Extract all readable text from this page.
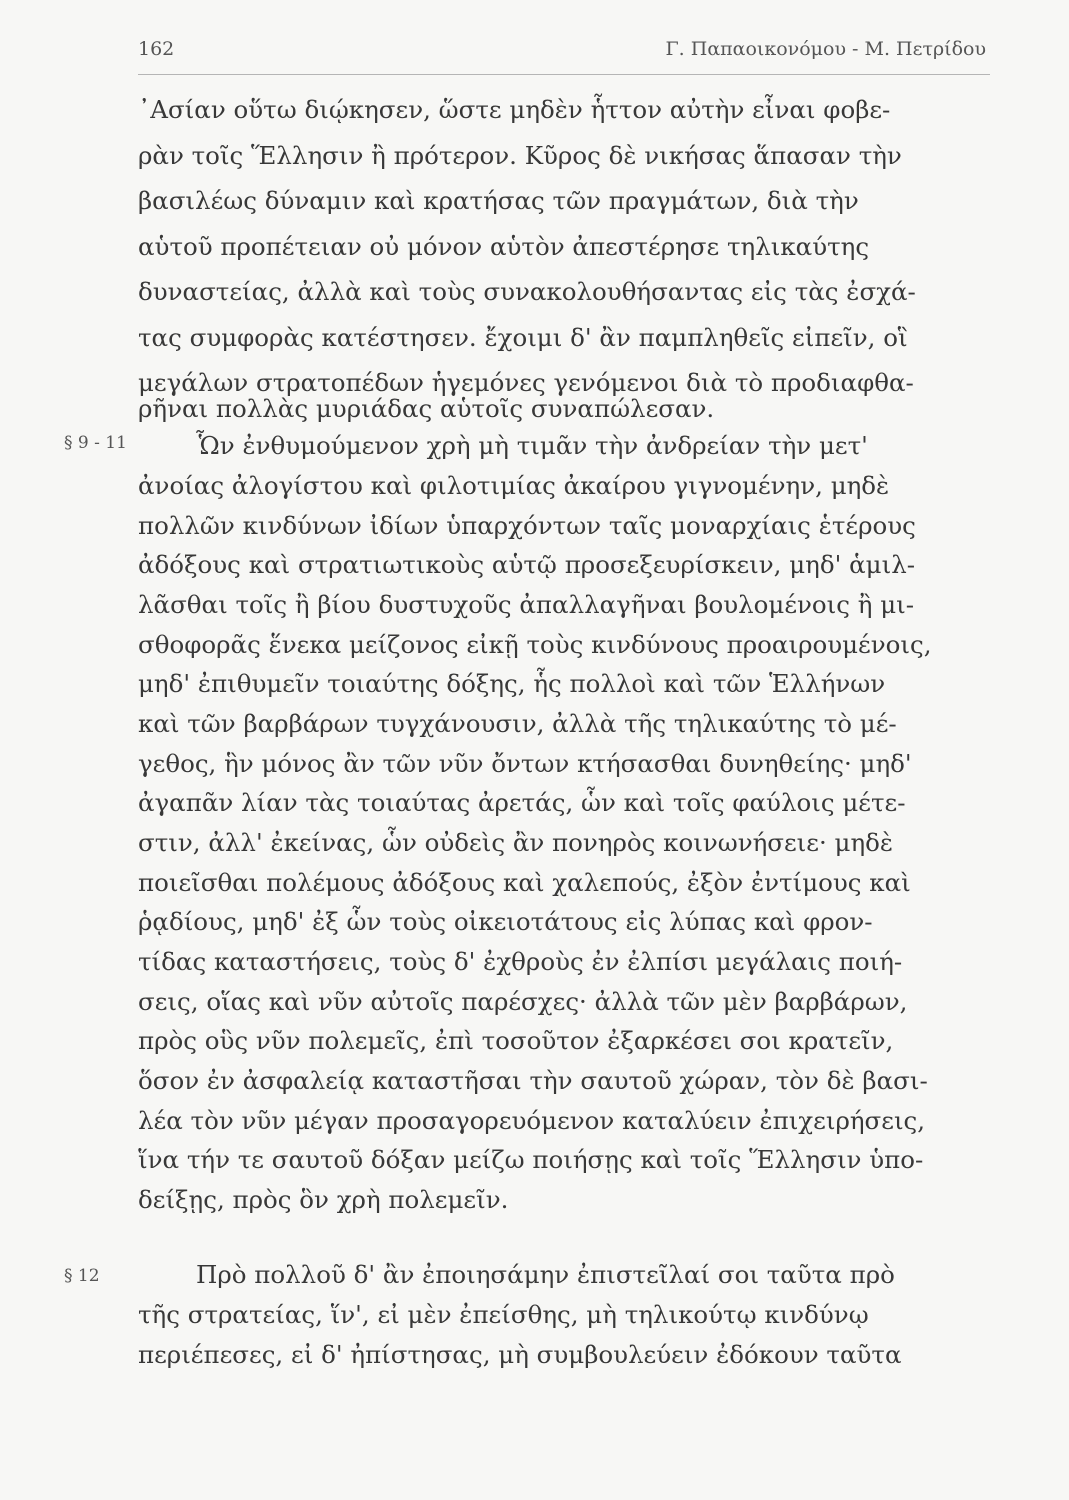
162	Γ. Παπαοικονόμου - Μ. Πετρίδου
§ 9 - 11
§ 12
᾿Ασίαν οὕτω διῴκησεν, ὥστε μηδὲν ἧττον αὐτὴν εἶναι φοβε-
ρὰν τοῖς Ἕλλησιν ἢ πρότερον. Κῦρος δὲ νικήσας ἅπασαν τὴν
βασιλέως δύναμιν καὶ κρατήσας τῶν πραγμάτων, διὰ τὴν
αὑτοῦ προπέτειαν οὐ μόνον αὑτὸν ἀπεστέρησε τηλικαύτης
δυναστείας, ἀλλὰ καὶ τοὺς συνακολουθήσαντας εἰς τὰς ἐσχά-
τας συμφορὰς κατέστησεν. ἔχοιμι δ' ἂν παμπληθεῖς εἰπεῖν, οἳ
μεγάλων στρατοπέδων ἡγεμόνες γενόμενοι διὰ τὸ προδιαφθα-
ρῆναι πολλὰς μυριάδας αὑτοῖς συναπώλεσαν.
Ὧν ἐνθυμούμενον χρὴ μὴ τιμᾶν τὴν ἀνδρείαν τὴν μετ'
ἀνοίας ἀλογίστου καὶ φιλοτιμίας ἀκαίρου γιγνομένην, μηδὲ
πολλῶν κινδύνων ἰδίων ὑπαρχόντων ταῖς μοναρχίαις ἑτέρους
ἀδόξους καὶ στρατιωτικοὺς αὑτῷ προσεξευρίσκειν, μηδ' ἁμιλ-
λᾶσθαι τοῖς ἢ βίου δυστυχοῦς ἀπαλλαγῆναι βουλομένοις ἢ μι-
σθοφορᾶς ἕνεκα μείζονος εἰκῇ τοὺς κινδύνους προαιρουμένοις,
μηδ' ἐπιθυμεῖν τοιαύτης δόξης, ἧς πολλοὶ καὶ τῶν Ἑλλήνων
καὶ τῶν βαρβάρων τυγχάνουσιν, ἀλλὰ τῆς τηλικαύτης τὸ μέ-
γεθος, ἣν μόνος ἂν τῶν νῦν ὄντων κτήσασθαι δυνηθείης· μηδ'
ἀγαπᾶν λίαν τὰς τοιαύτας ἀρετάς, ὧν καὶ τοῖς φαύλοις μέτε-
στιν, ἀλλ' ἐκείνας, ὧν οὐδεὶς ἂν πονηρὸς κοινωνήσειε· μηδὲ
ποιεῖσθαι πολέμους ἀδόξους καὶ χαλεπούς, ἐξὸν ἐντίμους καὶ
ῥᾳδίους, μηδ' ἐξ ὧν τοὺς οἰκειοτάτους εἰς λύπας καὶ φρον-
τίδας καταστήσεις, τοὺς δ' ἐχθροὺς ἐν ἐλπίσι μεγάλαις ποιή-
σεις, οἵας καὶ νῦν αὐτοῖς παρέσχες· ἀλλὰ τῶν μὲν βαρβάρων,
πρὸς οὓς νῦν πολεμεῖς, ἐπὶ τοσοῦτον ἐξαρκέσει σοι κρατεῖν,
ὅσον ἐν ἀσφαλείᾳ καταστῆσαι τὴν σαυτοῦ χώραν, τὸν δὲ βασι-
λέα τὸν νῦν μέγαν προσαγορευόμενον καταλύειν ἐπιχειρήσεις,
ἵνα τήν τε σαυτοῦ δόξαν μείζω ποιήσῃς καὶ τοῖς Ἕλλησιν ὑπο-
δείξῃς, πρὸς ὃν χρὴ πολεμεῖν.
Πρὸ πολλοῦ δ' ἂν ἐποιησάμην ἐπιστεῖλαί σοι ταῦτα πρὸ
τῆς στρατείας, ἵν', εἰ μὲν ἐπείσθης, μὴ τηλικούτῳ κινδύνῳ
περιέπεσες, εἰ δ' ἠπίστησας, μὴ συμβουλεύειν ἐδόκουν ταῦτα
